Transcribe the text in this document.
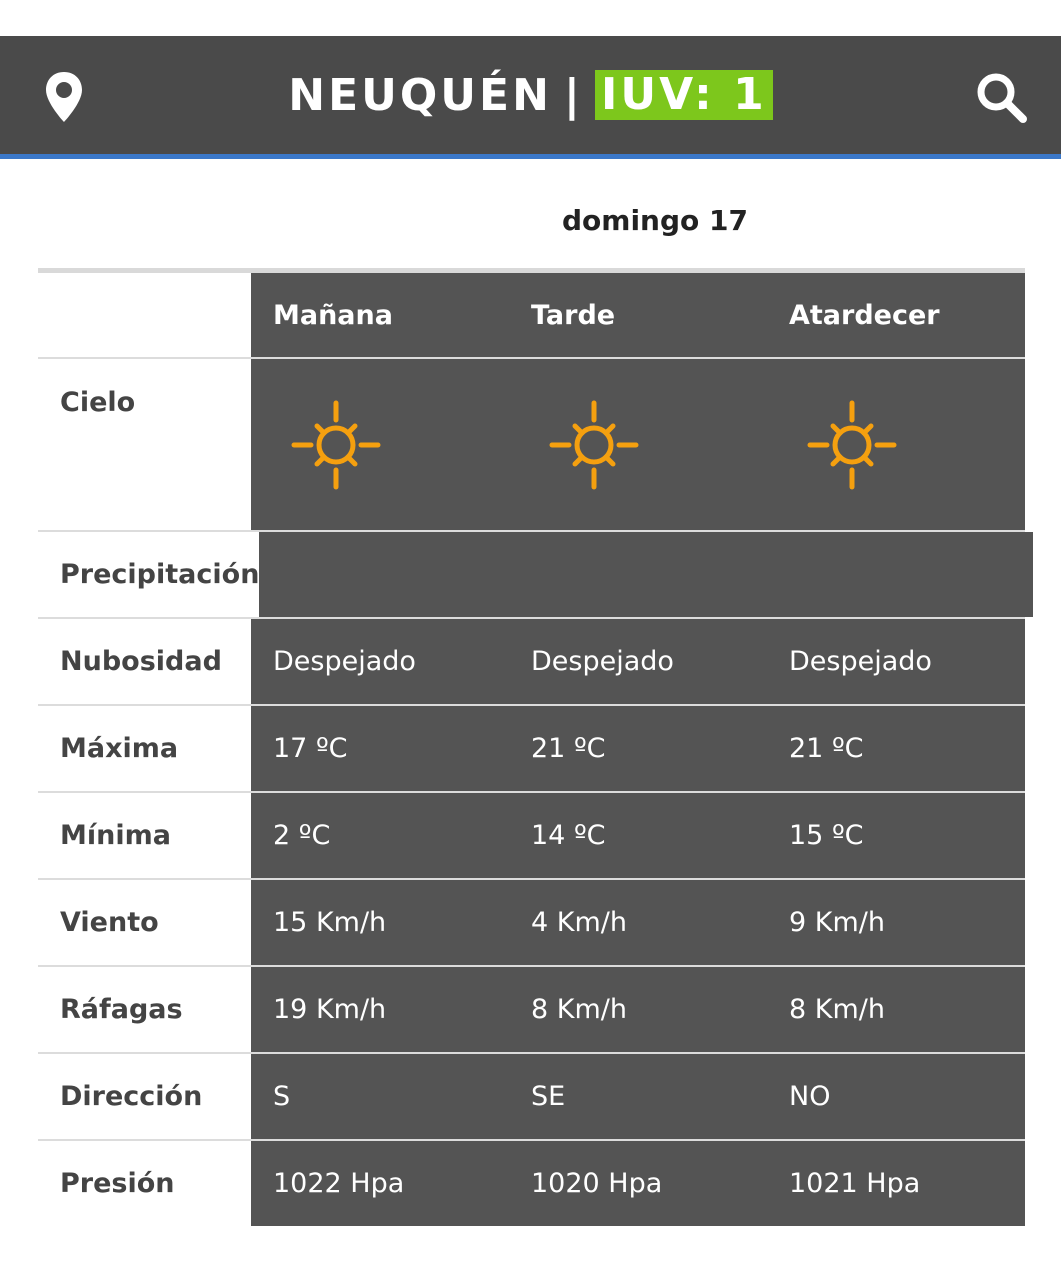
NEUQUÉN | IUV: 1
domingo 17
Mañana	Tarde	Atardecer
Cielo
Precipitación
Nubosidad	Despejado	Despejado	Despejado
Máxima	17 ºC	21 ºC	21 ºC
Mínima	2 ºC	14 ºC	15 ºC
Viento	15 Km/h	4 Km/h	9 Km/h
Ráfagas	19 Km/h	8 Km/h	8 Km/h
Dirección	S	SE	NO
Presión	1022 Hpa	1020 Hpa	1021 Hpa
